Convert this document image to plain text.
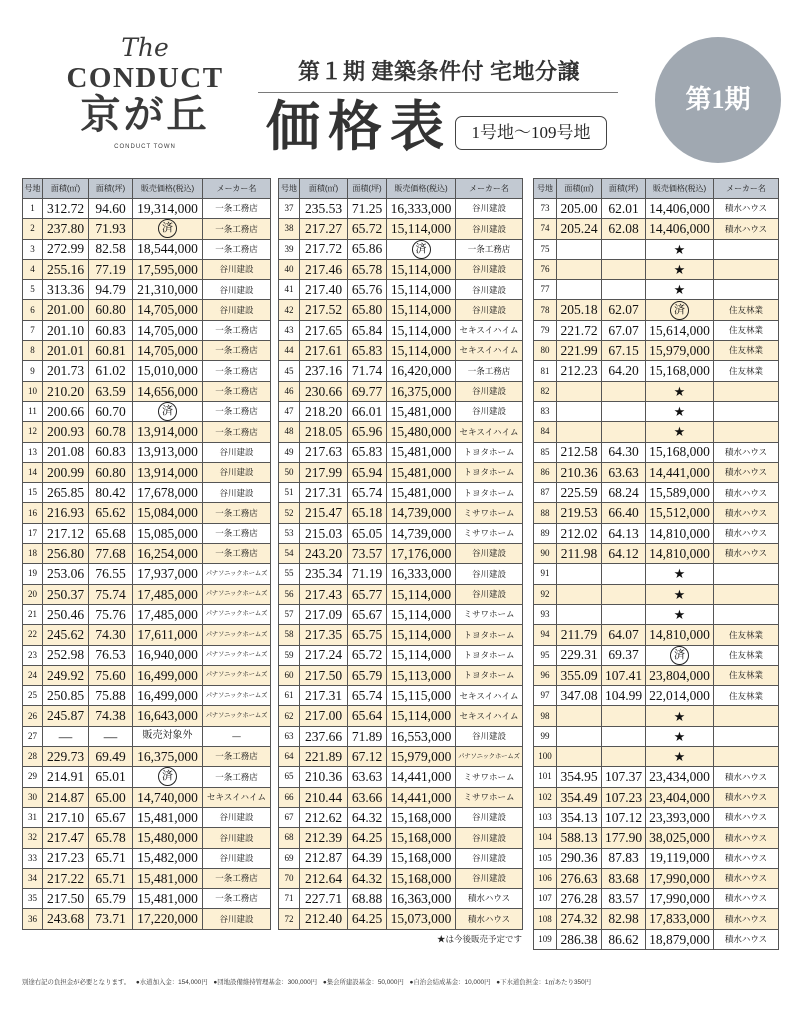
The
CONDUCT
京が丘
CONDUCT TOWN
第１期 建築条件付 宅地分譲
価格表	1号地〜109号地
第1期
号地	面積(㎡)	面積(坪)	販売価格(税込)	メーカー名
1	312.72	94.60	19,314,000	一条工務店
2	237.80	71.93	済	一条工務店
3	272.99	82.58	18,544,000	一条工務店
4	255.16	77.19	17,595,000	谷川建設
5	313.36	94.79	21,310,000	谷川建設
6	201.00	60.80	14,705,000	谷川建設
7	201.10	60.83	14,705,000	一条工務店
8	201.01	60.81	14,705,000	一条工務店
9	201.73	61.02	15,010,000	一条工務店
10	210.20	63.59	14,656,000	一条工務店
11	200.66	60.70	済	一条工務店
12	200.93	60.78	13,914,000	一条工務店
13	201.08	60.83	13,913,000	谷川建設
14	200.99	60.80	13,914,000	谷川建設
15	265.85	80.42	17,678,000	谷川建設
16	216.93	65.62	15,084,000	一条工務店
17	217.12	65.68	15,085,000	一条工務店
18	256.80	77.68	16,254,000	一条工務店
19	253.06	76.55	17,937,000	パナソニックホームズ
20	250.37	75.74	17,485,000	パナソニックホームズ
21	250.46	75.76	17,485,000	パナソニックホームズ
22	245.62	74.30	17,611,000	パナソニックホームズ
23	252.98	76.53	16,940,000	パナソニックホームズ
24	249.92	75.60	16,499,000	パナソニックホームズ
25	250.85	75.88	16,499,000	パナソニックホームズ
26	245.87	74.38	16,643,000	パナソニックホームズ
27	—	—	販売対象外	—
28	229.73	69.49	16,375,000	一条工務店
29	214.91	65.01	済	一条工務店
30	214.87	65.00	14,740,000	セキスイハイム
31	217.10	65.67	15,481,000	谷川建設
32	217.47	65.78	15,480,000	谷川建設
33	217.23	65.71	15,482,000	谷川建設
34	217.22	65.71	15,481,000	一条工務店
35	217.50	65.79	15,481,000	一条工務店
36	243.68	73.71	17,220,000	谷川建設
号地	面積(㎡)	面積(坪)	販売価格(税込)	メーカー名
37	235.53	71.25	16,333,000	谷川建設
38	217.27	65.72	15,114,000	谷川建設
39	217.72	65.86	済	一条工務店
40	217.46	65.78	15,114,000	谷川建設
41	217.40	65.76	15,114,000	谷川建設
42	217.52	65.80	15,114,000	谷川建設
43	217.65	65.84	15,114,000	セキスイハイム
44	217.61	65.83	15,114,000	セキスイハイム
45	237.16	71.74	16,420,000	一条工務店
46	230.66	69.77	16,375,000	谷川建設
47	218.20	66.01	15,481,000	谷川建設
48	218.05	65.96	15,480,000	セキスイハイム
49	217.63	65.83	15,481,000	トヨタホーム
50	217.99	65.94	15,481,000	トヨタホーム
51	217.31	65.74	15,481,000	トヨタホーム
52	215.47	65.18	14,739,000	ミサワホーム
53	215.03	65.05	14,739,000	ミサワホーム
54	243.20	73.57	17,176,000	谷川建設
55	235.34	71.19	16,333,000	谷川建設
56	217.43	65.77	15,114,000	谷川建設
57	217.09	65.67	15,114,000	ミサワホーム
58	217.35	65.75	15,114,000	トヨタホーム
59	217.24	65.72	15,114,000	トヨタホーム
60	217.50	65.79	15,113,000	トヨタホーム
61	217.31	65.74	15,115,000	セキスイハイム
62	217.00	65.64	15,114,000	セキスイハイム
63	237.66	71.89	16,553,000	谷川建設
64	221.89	67.12	15,979,000	パナソニックホームズ
65	210.36	63.63	14,441,000	ミサワホーム
66	210.44	63.66	14,441,000	ミサワホーム
67	212.62	64.32	15,168,000	谷川建設
68	212.39	64.25	15,168,000	谷川建設
69	212.87	64.39	15,168,000	谷川建設
70	212.64	64.32	15,168,000	谷川建設
71	227.71	68.88	16,363,000	積水ハウス
72	212.40	64.25	15,073,000	積水ハウス
号地	面積(㎡)	面積(坪)	販売価格(税込)	メーカー名
73	205.00	62.01	14,406,000	積水ハウス
74	205.24	62.08	14,406,000	積水ハウス
75			★	
76			★	
77			★	
78	205.18	62.07	済	住友林業
79	221.72	67.07	15,614,000	住友林業
80	221.99	67.15	15,979,000	住友林業
81	212.23	64.20	15,168,000	住友林業
82			★	
83			★	
84			★	
85	212.58	64.30	15,168,000	積水ハウス
86	210.36	63.63	14,441,000	積水ハウス
87	225.59	68.24	15,589,000	積水ハウス
88	219.53	66.40	15,512,000	積水ハウス
89	212.02	64.13	14,810,000	積水ハウス
90	211.98	64.12	14,810,000	積水ハウス
91			★	
92			★	
93			★	
94	211.79	64.07	14,810,000	住友林業
95	229.31	69.37	済	住友林業
96	355.09	107.41	23,804,000	住友林業
97	347.08	104.99	22,014,000	住友林業
98			★	
99			★	
100			★	
101	354.95	107.37	23,434,000	積水ハウス
102	354.49	107.23	23,404,000	積水ハウス
103	354.13	107.12	23,393,000	積水ハウス
104	588.13	177.90	38,025,000	積水ハウス
105	290.36	87.83	19,119,000	積水ハウス
106	276.63	83.68	17,990,000	積水ハウス
107	276.28	83.57	17,990,000	積水ハウス
108	274.32	82.98	17,833,000	積水ハウス
109	286.38	86.62	18,879,000	積水ハウス
★は今後販売予定です
別途右記の負担金が必要となります。 ●水道加入金：154,000円 ●団地設備維持管理基金：300,000円 ●集会所建設基金：50,000円 ●自治会結成基金：10,000円 ●下水道負担金：1㎡あたり350円
